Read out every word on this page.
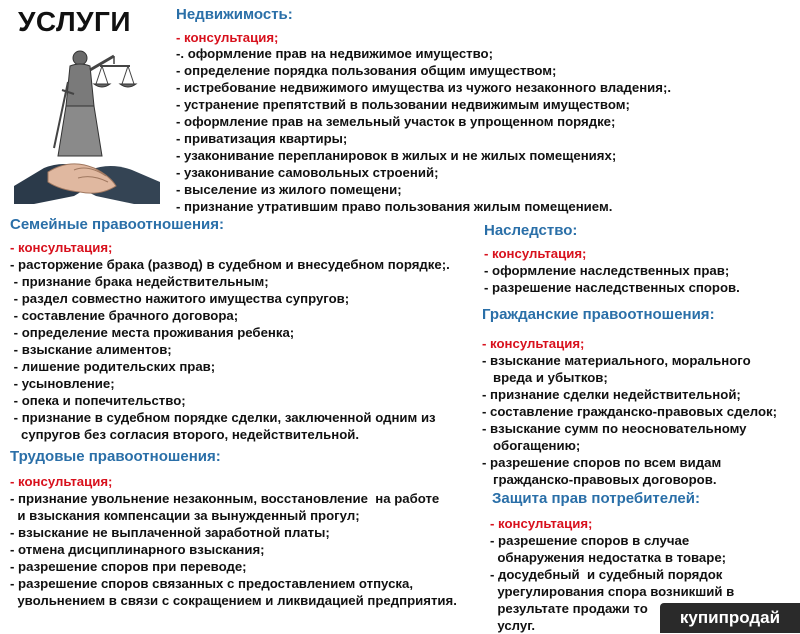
УСЛУГИ	Недвижимость:
- консультация;
-. оформление прав на недвижимое имущество;
- определение порядка пользования общим имуществом;
- истребование недвижимого имущества из чужого незаконного владения;.
- устранение препятствий в пользовании недвижимым имуществом;
- оформление прав на земельный участок в упрощенном порядке;
- приватизация квартиры;
- узаконивание перепланировок в жилых и не жилых помещениях;
- узаконивание самовольных строений;
- выселение из жилого помещени;
- признание утратившим право пользования жилым помещением.
Семейные правоотношения:
- консультация;
- расторжение брака (развод) в судебном и внесудебном порядке;.
- признание брака недействительным;
- раздел совместно нажитого имущества супругов;
- составление брачного договора;
- определение места проживания ребенка;
- взыскание алиментов;
- лишение родительских прав;
- усыновление;
- опека и попечительство;
- признание в судебном порядке сделки, заключенной одним из
супругов без согласия второго, недействительной.
Трудовые правоотношения:
- консультация;
- признание увольнение незаконным, восстановление  на работе
и взыскания компенсации за вынужденный прогул;
- взыскание не выплаченной заработной платы;
- отмена дисциплинарного взыскания;
- разрешение споров при переводе;
- разрешение споров связанных с предоставлением отпуска,
увольнением в связи с сокращением и ликвидацией предприятия.
Наследство:
- консультация;
- оформление наследственных прав;
- разрешение наследственных споров.
Гражданские правоотношения:
- консультация;
- взыскание материального, морального
вреда и убытков;
- признание сделки недействительной;
- составление гражданско-правовых сделок;
- взыскание сумм по неосновательному
обогащению;
- разрешение споров по всем видам
гражданско-правовых договоров.
Защита прав потребителей:
- консультация;
- разрешение споров в случае
обнаружения недостатка в товаре;
- досудебный  и судебный порядок
урегулирования спора возникший в
результате продажи то
услуг.	купипродай
